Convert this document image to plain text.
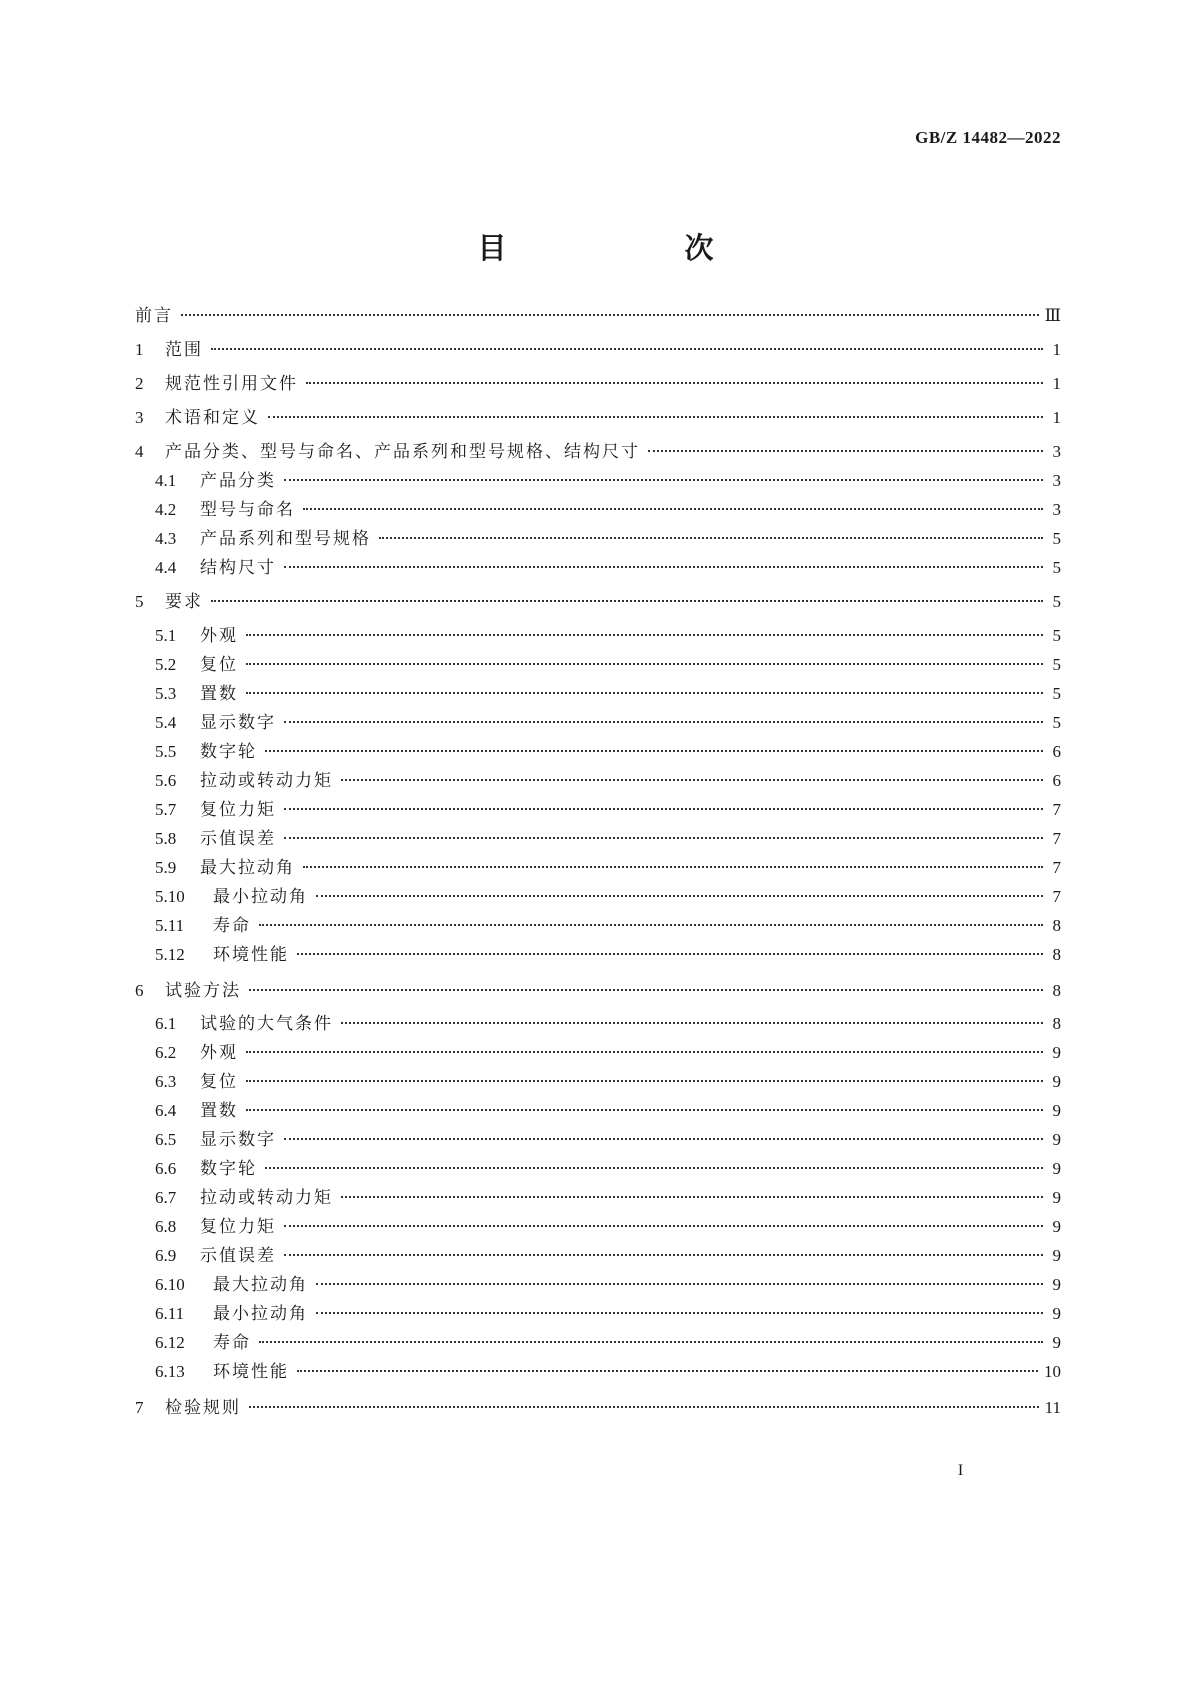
GB/Z 14482—2022
目　　次
前言	Ⅲ
1	范围	1
2	规范性引用文件	1
3	术语和定义	1
4	产品分类、型号与命名、产品系列和型号规格、结构尺寸	3
4.1	产品分类	3
4.2	型号与命名	3
4.3	产品系列和型号规格	5
4.4	结构尺寸	5
5	要求	5
5.1	外观	5
5.2	复位	5
5.3	置数	5
5.4	显示数字	5
5.5	数字轮	6
5.6	拉动或转动力矩	6
5.7	复位力矩	7
5.8	示值误差	7
5.9	最大拉动角	7
5.10	最小拉动角	7
5.11	寿命	8
5.12	环境性能	8
6	试验方法	8
6.1	试验的大气条件	8
6.2	外观	9
6.3	复位	9
6.4	置数	9
6.5	显示数字	9
6.6	数字轮	9
6.7	拉动或转动力矩	9
6.8	复位力矩	9
6.9	示值误差	9
6.10	最大拉动角	9
6.11	最小拉动角	9
6.12	寿命	9
6.13	环境性能	10
7	检验规则	11
I
